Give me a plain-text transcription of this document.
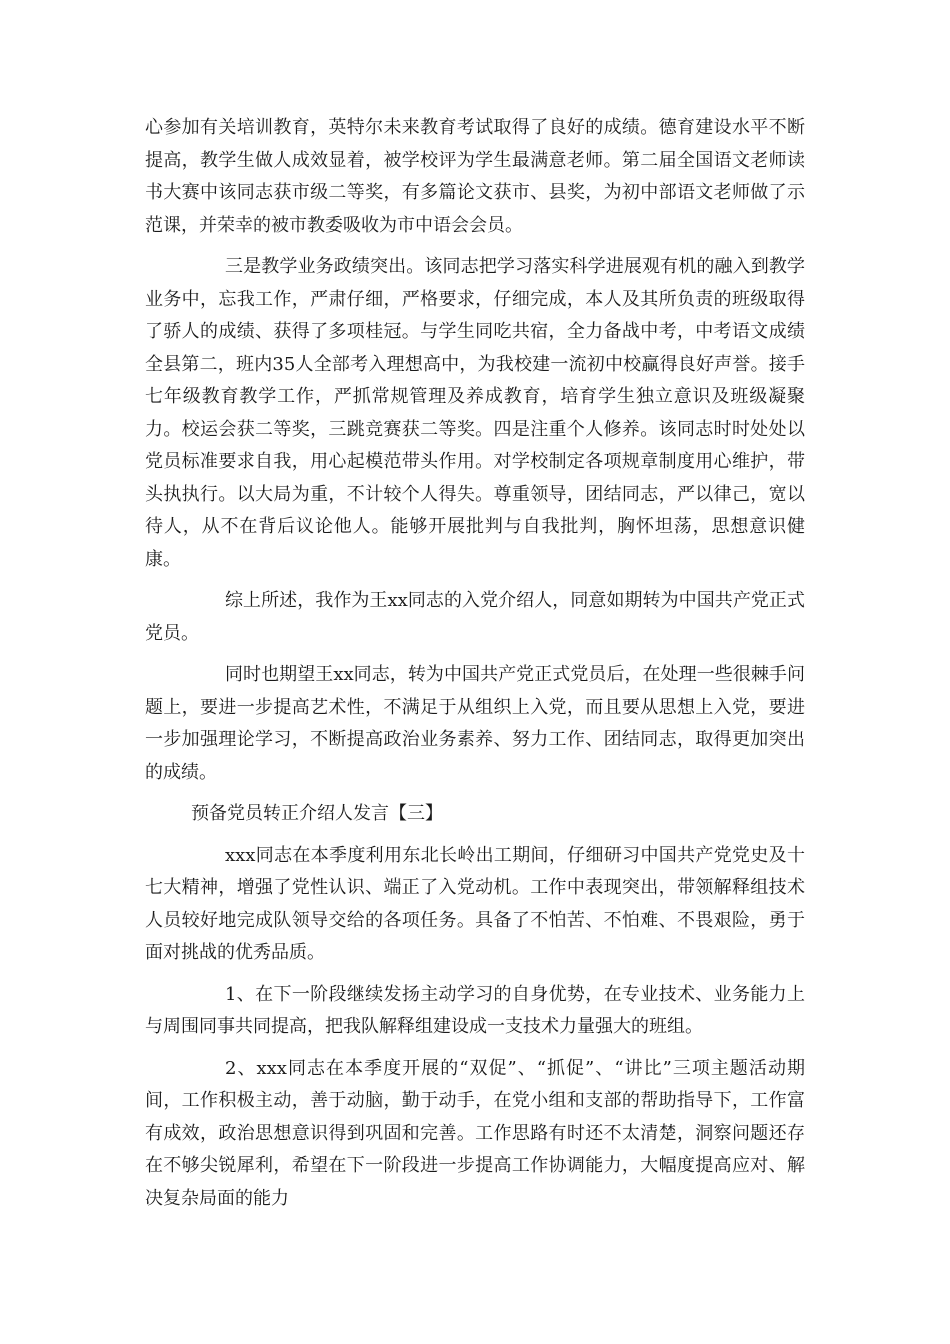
心参加有关培训教育，英特尔未来教育考试取得了良好的成绩。德育建设水平不断提高，教学生做人成效显着，被学校评为学生最满意老师。第二届全国语文老师读书大赛中该同志获市级二等奖，有多篇论文获市、县奖，为初中部语文老师做了示范课，并荣幸的被市教委吸收为市中语会会员。

三是教学业务政绩突出。该同志把学习落实科学进展观有机的融入到教学业务中，忘我工作，严肃仔细，严格要求，仔细完成，本人及其所负责的班级取得了骄人的成绩、获得了多项桂冠。与学生同吃共宿，全力备战中考，中考语文成绩全县第二，班内35人全部考入理想高中，为我校建一流初中校赢得良好声誉。接手七年级教育教学工作，严抓常规管理及养成教育，培育学生独立意识及班级凝聚力。校运会获二等奖，三跳竞赛获二等奖。四是注重个人修养。该同志时时处处以党员标准要求自我，用心起模范带头作用。对学校制定各项规章制度用心维护，带头执执行。以大局为重，不计较个人得失。尊重领导，团结同志，严以律己，宽以待人，从不在背后议论他人。能够开展批判与自我批判，胸怀坦荡，思想意识健康。

综上所述，我作为王xx同志的入党介绍人，同意如期转为中国共产党正式党员。

同时也期望王xx同志，转为中国共产党正式党员后，在处理一些很棘手问题上，要进一步提高艺术性，不满足于从组织上入党，而且要从思想上入党，要进一步加强理论学习，不断提高政治业务素养、努力工作、团结同志，取得更加突出的成绩。

预备党员转正介绍人发言【三】

xxx同志在本季度利用东北长岭出工期间，仔细研习中国共产党党史及十七大精神，增强了党性认识、端正了入党动机。工作中表现突出，带领解释组技术人员较好地完成队领导交给的各项任务。具备了不怕苦、不怕难、不畏艰险，勇于面对挑战的优秀品质。

1、在下一阶段继续发扬主动学习的自身优势，在专业技术、业务能力上与周围同事共同提高，把我队解释组建设成一支技术力量强大的班组。

2、xxx同志在本季度开展的“双促”、“抓促”、“讲比”三项主题活动期间，工作积极主动，善于动脑，勤于动手，在党小组和支部的帮助指导下，工作富有成效，政治思想意识得到巩固和完善。工作思路有时还不太清楚，洞察问题还存在不够尖锐犀利，希望在下一阶段进一步提高工作协调能力，大幅度提高应对、解决复杂局面的能力
